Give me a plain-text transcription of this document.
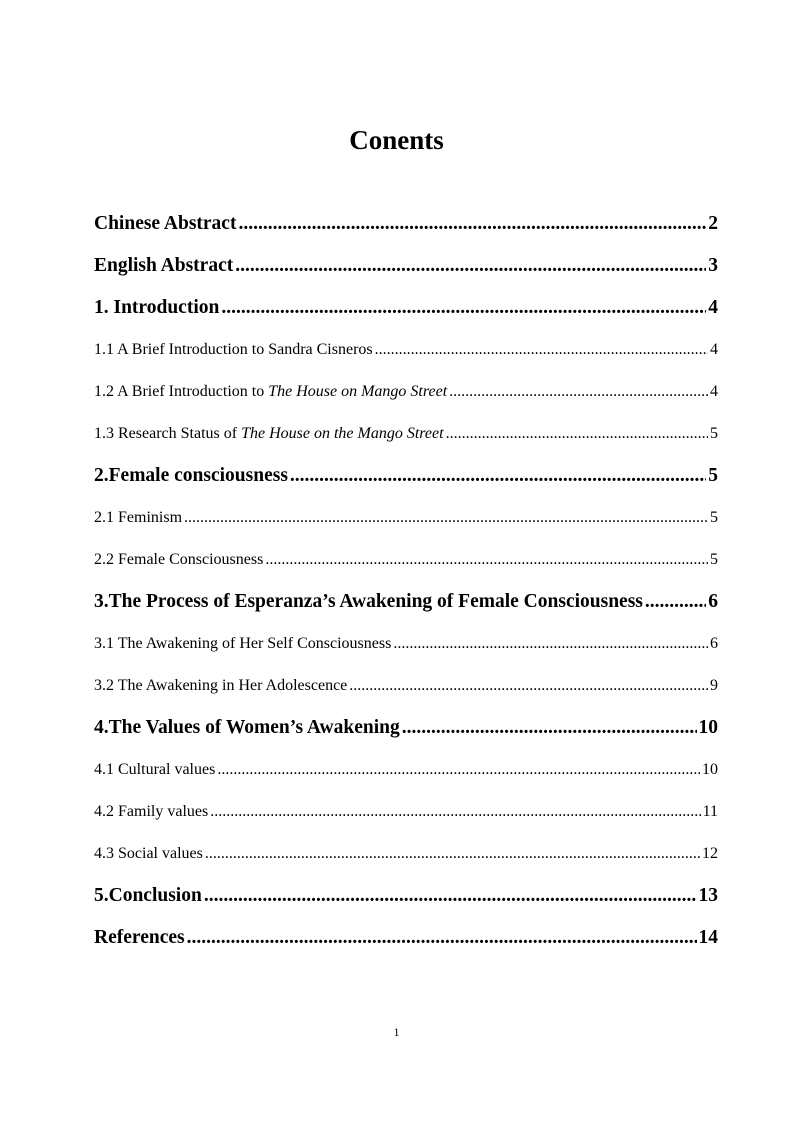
Conents
Chinese Abstract .....	2
English Abstract .....	3
1. Introduction .....	4
1.1 A Brief Introduction to Sandra Cisneros .....	4
1.2 A Brief Introduction to The House on Mango Street .....	4
1.3 Research Status of The House on the Mango Street .....	5
2.Female consciousness .....	5
2.1 Feminism .....	5
2.2 Female Consciousness .....	5
3.The Process of Esperanza’s Awakening of Female Consciousness .....	6
3.1 The Awakening of Her Self Consciousness .....	6
3.2 The Awakening in Her Adolescence .....	9
4.The Values of Women’s Awakening .....	10
4.1 Cultural values .....	10
4.2 Family values .....	11
4.3 Social values .....	12
5.Conclusion .....	13
References .....	14
1
